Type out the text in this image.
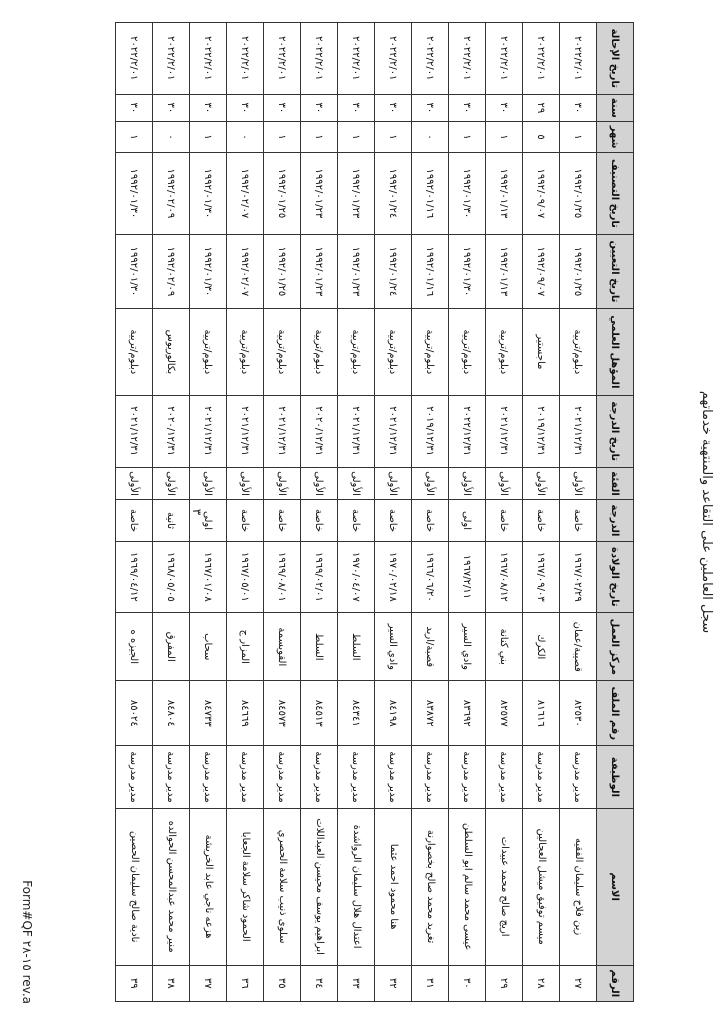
سجل العاملين على التقاعد والمنتهية خدماتهم
الرقم	الاسم	الوظيفة	رقم الملف	مركز العمل	تاريخ الولادة	الدرجة	الفئة	تاريخ الدرجة	المؤهل العلمي	تاريخ التعيين	تاريخ التصنيف	شهر	سنة	تاريخ الإحالة
٢٧	زين فلاح سليمان الفقيه	مدير مدرسة	٨٢٥٣٠	قصيبة/عمان	١٩٦٧/٠٢/٢٩	خاصة	الأولى	٢٠٢١/١٢/٣١	دبلوم/تربية	١٩٩٢/٠١/٢٥	١٩٩٢/٠١/٢٥	١	٣٠	٢٠٢٢/٢/٠١
٢٨	ميسم توفيق ميشل العجالين	مدير مدرسة	٨١٦١٦	الكرك	١٩٦٧/٠٩/٠٣	خاصة	الأولى	٢٠١٩/١٢/٣١	ماجستير	١٩٩٢/٠٩/٠٧	١٩٩٢/٠٩/٠٧	٥	٢٩	٢٠٢٢/٢/٠١
٢٩	اريج صالح محمد عبيدات	مدير مدرسة	٨٢٥٧٧	بني كنانة	١٩٦٧/٠٨/١٢	خاصة	الأولى	٢٠٢١/١٢/٣١	دبلوم/تربية	١٩٩٢/٠١/١٣	١٩٩٢/٠١/١٣	١	٣٠	٢٠٢٢/٢/٠١
٣٠	عيسى محمد سالم ابو السلطن	مدير مدرسة	٨٣٦٩٢	وادي السير	١٩٦٧/٢/١١	اولى	الأولى	٢٠٢٢/١٢/٣١	دبلوم/تربية	١٩٩٢/٠١/٣٠	١٩٩٢/٠١/٣٠	١	٣٠	٢٠٢٢/٢/٠١
٣١	تغريد محمد صالح بخصوارنة	مدير مدرسة	٨٣٨٧٢	قصبة/اربد	١٩٦٦/٠٦/٢٠	خاصة	الأولى	٢٠١٩/١٢/٣١	دبلوم/تربية	١٩٩٢/٠١/١٦	١٩٩٢/٠١/١٦	٠	٣٠	٢٠٢٢/٢/٠١
٣٢	هنا محمود احمد عثما	مدير مدرسة	٨٤١٩٨	وادي السير	١٩٧٠/٠٢/١٨	خاصة	الأولى	٢٠٢١/١٢/٣١	دبلوم/تربية	١٩٩٢/٠١/٢٤	١٩٩٢/٠١/٢٤	١	٣٠	٢٠٢٢/٢/٠١
٣٣	اعتدال هلال سليمان الرواشدة	مدير مدرسة	٨٤٣٤١	السلط	١٩٧٠/٠٤/٠٧	خاصة	الأولى	٢٠٢١/١٢/٣١	دبلوم/تربية	١٩٩٢/٠١/٢٣	١٩٩٢/٠١/٢٣	١	٣٠	٢٠٢٢/٢/٠١
٣٤	ابراهيم يوسف محيسن العبداللات	مدير مدرسة	٨٤٥١٣	السلط	١٩٦٩/٠٢/٠١	خاصة	الأولى	٢٠٢٠/١٢/٣١	دبلوم/تربية	١٩٩٢/٠١/٢٣	١٩٩٢/٠١/٢٣	١	٣٠	٢٠٢٢/٢/٠١
٣٥	سلوى ذنيب سلامة الحصري	مدير مدرسة	٨٤٥٧٣	القويسمة	١٩٦٩/٠٨/٠١	خاصة	الأولى	٢٠٢١/١٢/٣١	دبلوم/تربية	١٩٩٢/٠١/٢٥	١٩٩٢/٠١/٢٥	١	٣٠	٢٠٢٢/٢/٠١
٣٦	الحمود شاكر سلامة الجعابا	مدير مدرسة	٨٤٦٦٩	المزار ج	١٩٦٧/٠٥/٠١	خاصة	الأولى	٢٠٢١/١٢/٣١	دبلوم/تربية	١٩٩٢/٠٢/٠٧	١٩٩٢/٠٢/٠٧	٠	٣٠	٢٠٢٢/٢/٠١
٣٧	هزعه ناجي عابد الخريشة	مدير مدرسة	٨٤٧٣٣	سحاب	١٩٦٧/٠١/٠٨	اولى	الأولى	٢٠٢١/١٢/٣١	دبلوم/تربية	١٩٩٢/٠١/٣٠	١٩٩٢/٠١/٣٠	١	٣٠	٢٠٢٢/٢/٠١
٣٨	منير محمد عبدالمحسن الحوالده	مدير مدرسة	٨٤٨٠٤	المفرق	١٩٦٨/٠٥/٠٥	ثانية	الأولى	٢٠٢٠/١٢/٣١	بكالوريوس	١٩٩٢/٠٢/٠٩	١٩٩٢/٠٢/٠٩	٠	٣٠	٢٠٢٢/٢/٠١
٣٩	نادية صالح سليمان الحصين	مدير مدرسة	٨٥٠٢٤	الجيزه ه	١٩٦٩/٠٤/١٢	خاصة	الأولى	٢٠٢١/١٢/٣١	دبلوم/تربية	١٩٩٢/٠١/٣٠	١٩٩٢/٠١/٣٠	١	٣٠	٢٠٢٢/٢/٠١
٣
Form#QF ١٥-٢٨ rev.a
